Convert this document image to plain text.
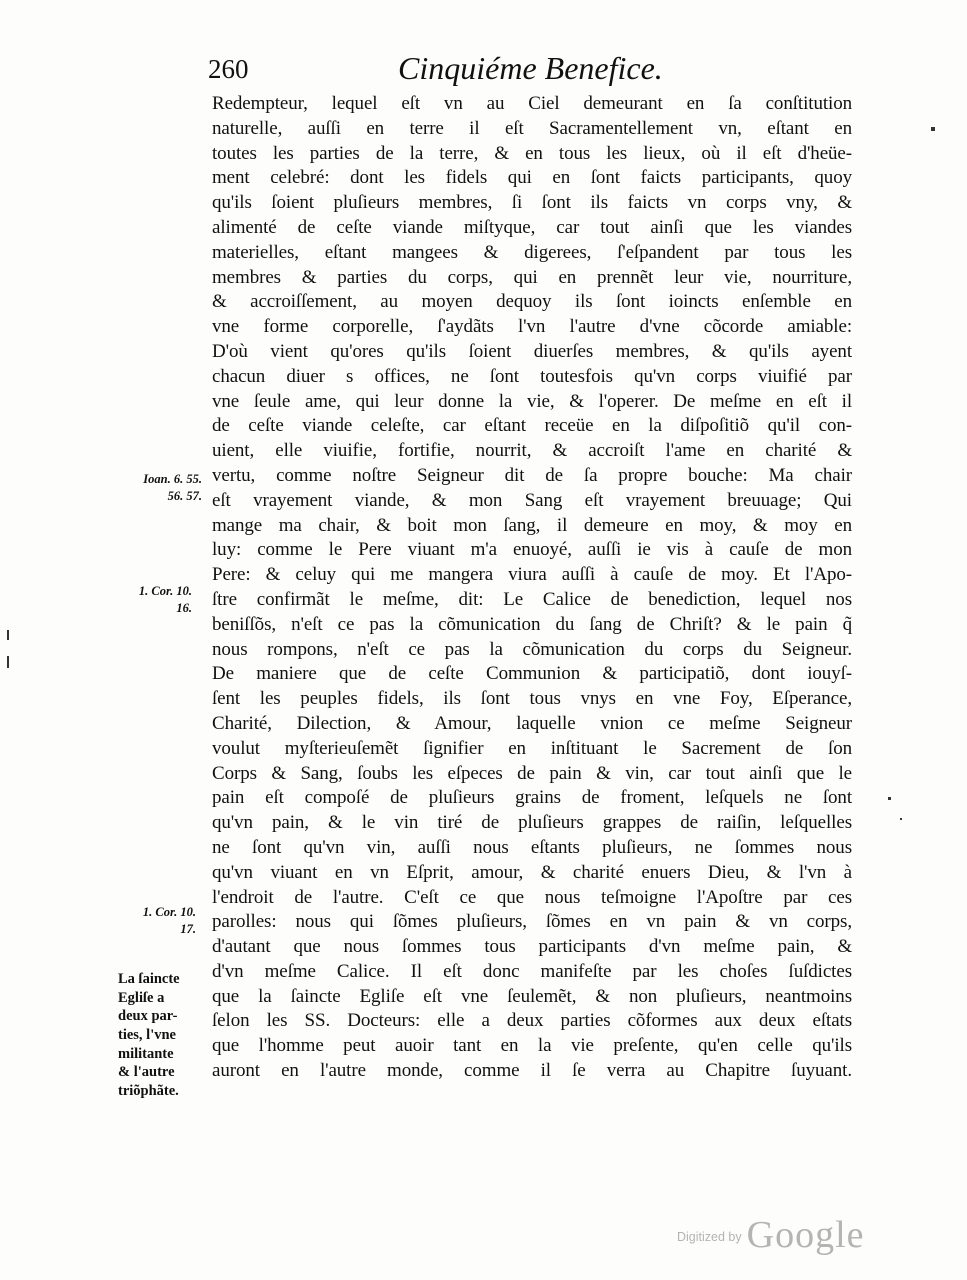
260	Cinquiéme Benefice.
Redempteur, lequel eſt vn au Ciel demeurant en ſa conſtitution
naturelle, auſſi en terre il eſt Sacramentellement vn, eſtant en
toutes les parties de la terre, & en tous les lieux, où il eſt d'heüe-
ment celebré: dont les fidels qui en ſont faicts participants, quoy
qu'ils ſoient pluſieurs membres, ſi ſont ils faicts vn corps vny, &
alimenté de ceſte viande miſtyque, car tout ainſi que les viandes
materielles, eſtant mangees & digerees, ſ'eſpandent par tous les
membres & parties du corps, qui en prennẽt leur vie, nourriture,
& accroiſſement, au moyen dequoy ils ſont ioincts enſemble en
vne forme corporelle, ſ'aydãts l'vn l'autre d'vne cõcorde amiable:
D'où vient qu'ores qu'ils ſoient diuerſes membres, & qu'ils ayent
chacun diuer s offices, ne ſont toutesfois qu'vn corps viuifié par
vne ſeule ame, qui leur donne la vie, & l'operer. De meſme en eſt il
de ceſte viande celeſte, car eſtant receüe en la diſpoſitiõ qu'il con-
uient, elle viuifie, fortifie, nourrit, & accroiſt l'ame en charité &
vertu, comme noſtre Seigneur dit de ſa propre bouche: Ma chair
eſt vrayement viande, & mon Sang eſt vrayement breuuage; Qui
mange ma chair, & boit mon ſang, il demeure en moy, & moy en
luy: comme le Pere viuant m'a enuoyé, auſſi ie vis à cauſe de mon
Pere: & celuy qui me mangera viura auſſi à cauſe de moy. Et l'Apo-
ſtre confirmãt le meſme, dit: Le Calice de benediction, lequel nos
beniſſõs, n'eſt ce pas la cõmunication du ſang de Chriſt? & le pain q̃
nous rompons, n'eſt ce pas la cõmunication du corps du Seigneur.
De maniere que de ceſte Communion & participatiõ, dont iouyſ-
ſent les peuples fidels, ils ſont tous vnys en vne Foy, Eſperance,
Charité, Dilection, & Amour, laquelle vnion ce meſme Seigneur
voulut myſterieuſemẽt ſignifier en inſtituant le Sacrement de ſon
Corps & Sang, ſoubs les eſpeces de pain & vin, car tout ainſi que le
pain eſt compoſé de pluſieurs grains de froment, leſquels ne ſont
qu'vn pain, & le vin tiré de pluſieurs grappes de raiſin, leſquelles
ne ſont qu'vn vin, auſſi nous eſtants pluſieurs, ne ſommes nous
qu'vn viuant en vn Eſprit, amour, & charité enuers Dieu, & l'vn à
l'endroit de l'autre. C'eſt ce que nous teſmoigne l'Apoſtre par ces
parolles: nous qui ſõmes pluſieurs, ſõmes en vn pain & vn corps,
d'autant que nous ſommes tous participants d'vn meſme pain, &
d'vn meſme Calice. Il eſt donc manifeſte par les choſes ſuſdictes
que la ſaincte Egliſe eſt vne ſeulemẽt, & non pluſieurs, neantmoins
ſelon les SS. Docteurs: elle a deux parties cõformes aux deux eſtats
que l'homme peut auoir tant en la vie preſente, qu'en celle qu'ils
auront en l'autre monde, comme il ſe verra au Chapitre ſuyuant.
Ioan. 6. 55.
56. 57.
1. Cor. 10.
16.
1. Cor. 10.
17.
La ſaincte
Egliſe a
deux par-
ties, l'vne
militante
& l'autre
triõphãte.
$^{Digitized by}$ Google
